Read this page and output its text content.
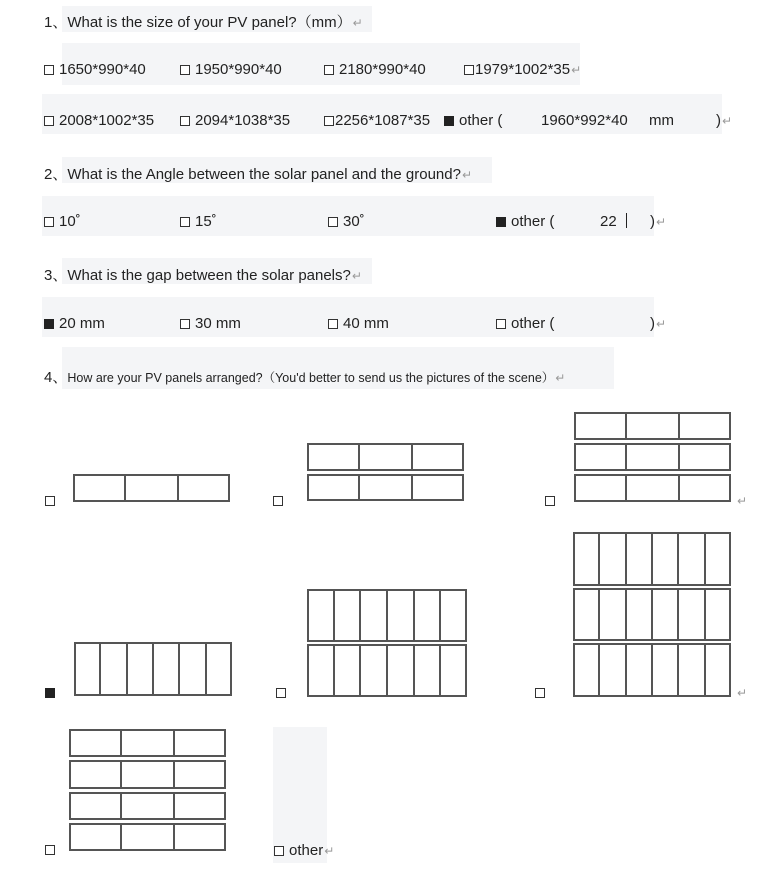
1、What is the size of your PV panel?（mm）↵
1650*990*40	1950*990*40	2180*990*40	1979*1002*35↵
2008*1002*35	2094*1038*35	2256*1087*35	other (	1960*992*40 mm	)↵
2、What is the Angle between the solar panel and the ground?↵
10˚	15˚	30˚	other (	22	)↵
3、What is the gap between the solar panels?↵
20 mm	30 mm	40 mm	other (	)↵
4、How are your PV panels arranged?（You'd better to send us the pictures of the scene）↵
↵
↵
other↵
